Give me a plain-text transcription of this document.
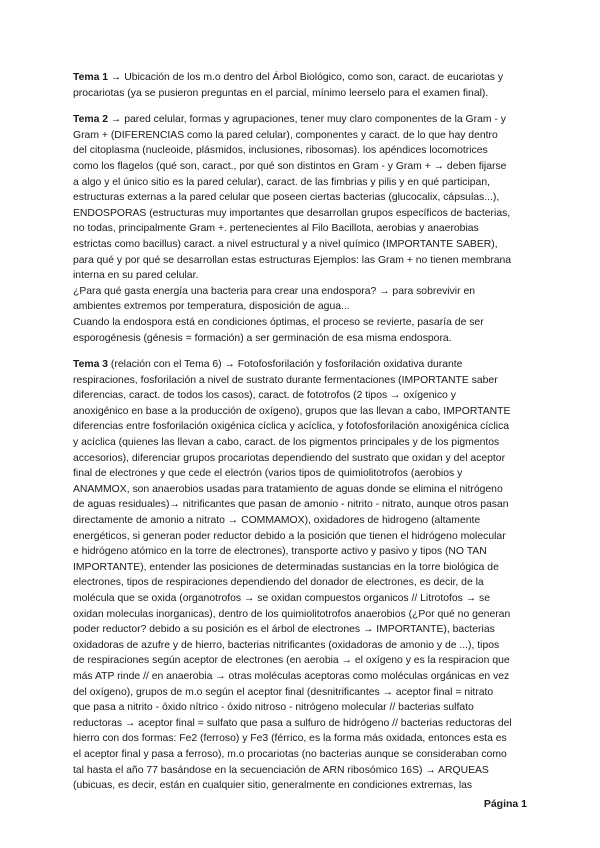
Tema 1 → Ubicación de los m.o dentro del Árbol Biológico, como son, caract. de eucariotas y procariotas (ya se pusieron preguntas en el parcial, mínimo leerselo para el examen final).

Tema 2 → pared celular, formas y agrupaciones, tener muy claro componentes de la Gram - y Gram + (DIFERENCIAS como la pared celular), componentes y caract. de lo que hay dentro del citoplasma (nucleoide, plásmidos, inclusiones, ribosomas). los apéndices locomotrices como los flagelos (qué son, caract., por qué son distintos en Gram - y Gram + → deben fijarse a algo y el único sitio es la pared celular), caract. de las fimbrias y pilis y en qué participan, estructuras externas a la pared celular que poseen ciertas bacterias (glucocalix, cápsulas...), ENDOSPORAS (estructuras muy importantes que desarrollan grupos específicos de bacterias, no todas, principalmente Gram +. pertenecientes al Filo Bacillota, aerobias y anaerobias estrictas como bacillus) caract. a nivel estructural y a nivel químico (IMPORTANTE SABER), para qué y por qué se desarrollan estas estructuras Ejemplos: las Gram + no tienen membrana interna en su pared celular.
¿Para qué gasta energía una bacteria para crear una endospora? → para sobrevivir en ambientes extremos por temperatura, disposición de agua...
Cuando la endospora está en condiciones óptimas, el proceso se revierte, pasaría de ser esporogénesis (génesis = formación) a ser germinación de esa misma endospora.

Tema 3 (relación con el Tema 6) → Fotofosforilación y fosforilación oxidativa durante respiraciones, fosforilación a nivel de sustrato durante fermentaciones (IMPORTANTE saber diferencias, caract. de todos los casos), caract. de fototrofos (2 tipos → oxígenico y anoxigénico en base a la producción de oxígeno), grupos que las llevan a cabo, IMPORTANTE diferencias entre fosforilación oxigénica cíclica y acíclica, y fotofosforilación anoxigénica cíclica y acíclica (quienes las llevan a cabo, caract. de los pigmentos principales y de los pigmentos accesorios), diferenciar grupos procariotas dependiendo del sustrato que oxidan y del aceptor final de electrones y que cede el electrón (varios tipos de quimiolitotrofos (aerobios y ANAMMOX, son anaerobios usadas para tratamiento de aguas donde se elimina el nitrógeno de aguas residuales)→ nitrificantes que pasan de amonio - nitrito - nitrato, aunque otros pasan directamente de amonio a nitrato → COMMAMOX), oxidadores de hidrogeno (altamente energéticos, si generan poder reductor debido a la posición que tienen el hidrógeno molecular e hidrógeno atómico en la torre de electrones), transporte activo y pasivo y tipos (NO TAN IMPORTANTE), entender las posiciones de determinadas sustancias en la torre biológica de electrones, tipos de respiraciones dependiendo del donador de electrones, es decir, de la molécula que se oxida (organotrofos → se oxidan compuestos organicos // Litrotofos → se oxidan moleculas inorganicas), dentro de los quimiolitotrofos anaerobios (¿Por qué no generan poder reductor? debido a su posición es el árbol de electrones → IMPORTANTE), bacterias oxidadoras de azufre y de hierro, bacterias nitrificantes (oxidadoras de amonio y de ...), tipos de respiraciones según aceptor de electrones (en aerobia → el oxígeno y es la respiracion que más ATP rinde // en anaerobia → otras moléculas aceptoras como moléculas orgánicas en vez del oxígeno), grupos de m.o según el aceptor final (desnitrificantes → aceptor final = nitrato que pasa a nitrito - óxido nítrico - óxido nitroso - nitrógeno molecular // bacterias sulfato reductoras → aceptor final = sulfato que pasa a sulfuro de hidrógeno // bacterias reductoras del hierro con dos formas: Fe2 (ferroso) y Fe3 (férrico, es la forma más oxidada, entonces esta es el aceptor final y pasa a ferroso), m.o procariotas (no bacterias aunque se consideraban como tal hasta el año 77 basándose en la secuenciación de ARN ribosómico 16S) → ARQUEAS (ubicuas, es decir, están en cualquier sitio, generalmente en condiciones extremas, las

Página 1
